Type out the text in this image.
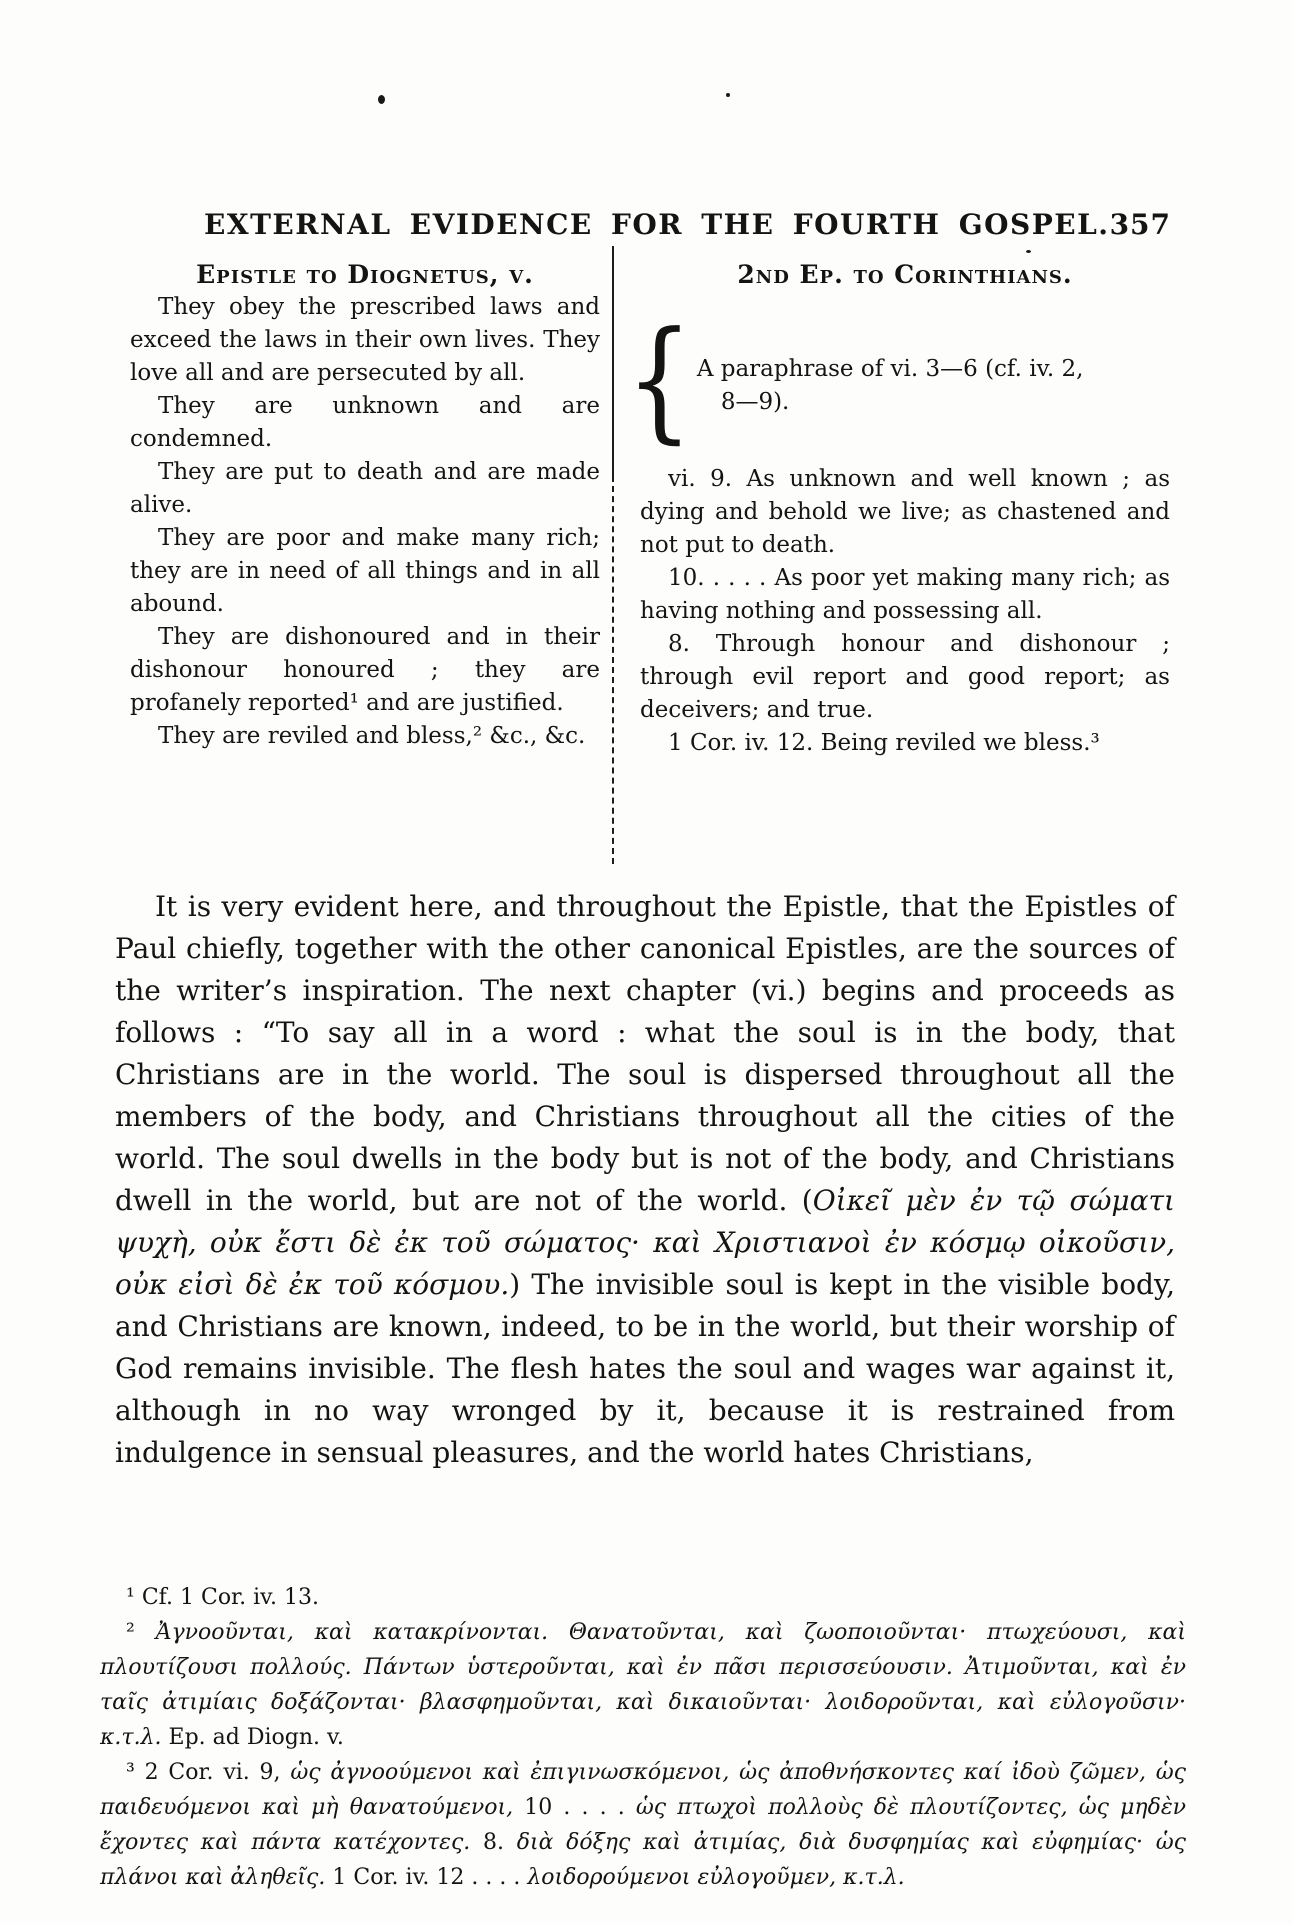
EXTERNAL EVIDENCE FOR THE FOURTH GOSPEL. 357
Epistle to Diognetus, v.

They obey the prescribed laws and exceed the laws in their own lives. They love all and are persecuted by all.

They are unknown and are condemned.

They are put to death and are made alive.

They are poor and make many rich; they are in need of all things and in all abound.

They are dishonoured and in their dishonour honoured ; they are profanely reported¹ and are justified.

They are reviled and bless,² &c., &c.

2nd Ep. to Corinthians.
{ A paraphrase of vi. 3—6 (cf. iv. 2, 8—9).

vi. 9. As unknown and well known ; as dying and behold we live; as chastened and not put to death.

10. . . . . As poor yet making many rich; as having nothing and possessing all.

8. Through honour and dishonour ; through evil report and good report; as deceivers; and true.

1 Cor. iv. 12. Being reviled we bless.³

It is very evident here, and throughout the Epistle, that the Epistles of Paul chiefly, together with the other canonical Epistles, are the sources of the writer’s inspiration. The next chapter (vi.) begins and proceeds as follows : “To say all in a word : what the soul is in the body, that Christians are in the world. The soul is dispersed throughout all the members of the body, and Christians throughout all the cities of the world. The soul dwells in the body but is not of the body, and Christians dwell in the world, but are not of the world. (Οἰκεῖ μὲν ἐν τῷ σώματι ψυχὴ, οὐκ ἔστι δὲ ἐκ τοῦ σώματος· καὶ Χριστιανοὶ ἐν κόσμῳ οἰκοῦσιν, οὐκ εἰσὶ δὲ ἐκ τοῦ κόσμου.) The invisible soul is kept in the visible body, and Christians are known, indeed, to be in the world, but their worship of God remains invisible. The flesh hates the soul and wages war against it, although in no way wronged by it, because it is restrained from indulgence in sensual pleasures, and the world hates Christians,

¹ Cf. 1 Cor. iv. 13.

² Ἀγνοοῦνται, καὶ κατακρίνονται. Θανατοῦνται, καὶ ζωοποιοῦνται· πτωχεύουσι, καὶ πλουτίζουσι πολλούς. Πάντων ὑστεροῦνται, καὶ ἐν πᾶσι περισσεύουσιν. Ἀτιμοῦνται, καὶ ἐν ταῖς ἀτιμίαις δοξάζονται· βλασφημοῦνται, καὶ δικαιοῦνται· λοιδοροῦνται, καὶ εὐλογοῦσιν· κ.τ.λ. Ep. ad Diogn. v.

³ 2 Cor. vi. 9, ὡς ἀγνοούμενοι καὶ ἐπιγινωσκόμενοι, ὡς ἀποθνήσκοντες καί ἰδοὺ ζῶμεν, ὡς παιδευόμενοι καὶ μὴ θανατούμενοι, 10 . . . . ὡς πτωχοὶ πολλοὺς δὲ πλουτίζοντες, ὡς μηδὲν ἔχοντες καὶ πάντα κατέχοντες. 8. διὰ δόξης καὶ ἀτιμίας, διὰ δυσφημίας καὶ εὐφημίας· ὡς πλάνοι καὶ ἀληθεῖς. 1 Cor. iv. 12 . . . . λοιδορούμενοι εὐλογοῦμεν, κ.τ.λ.
